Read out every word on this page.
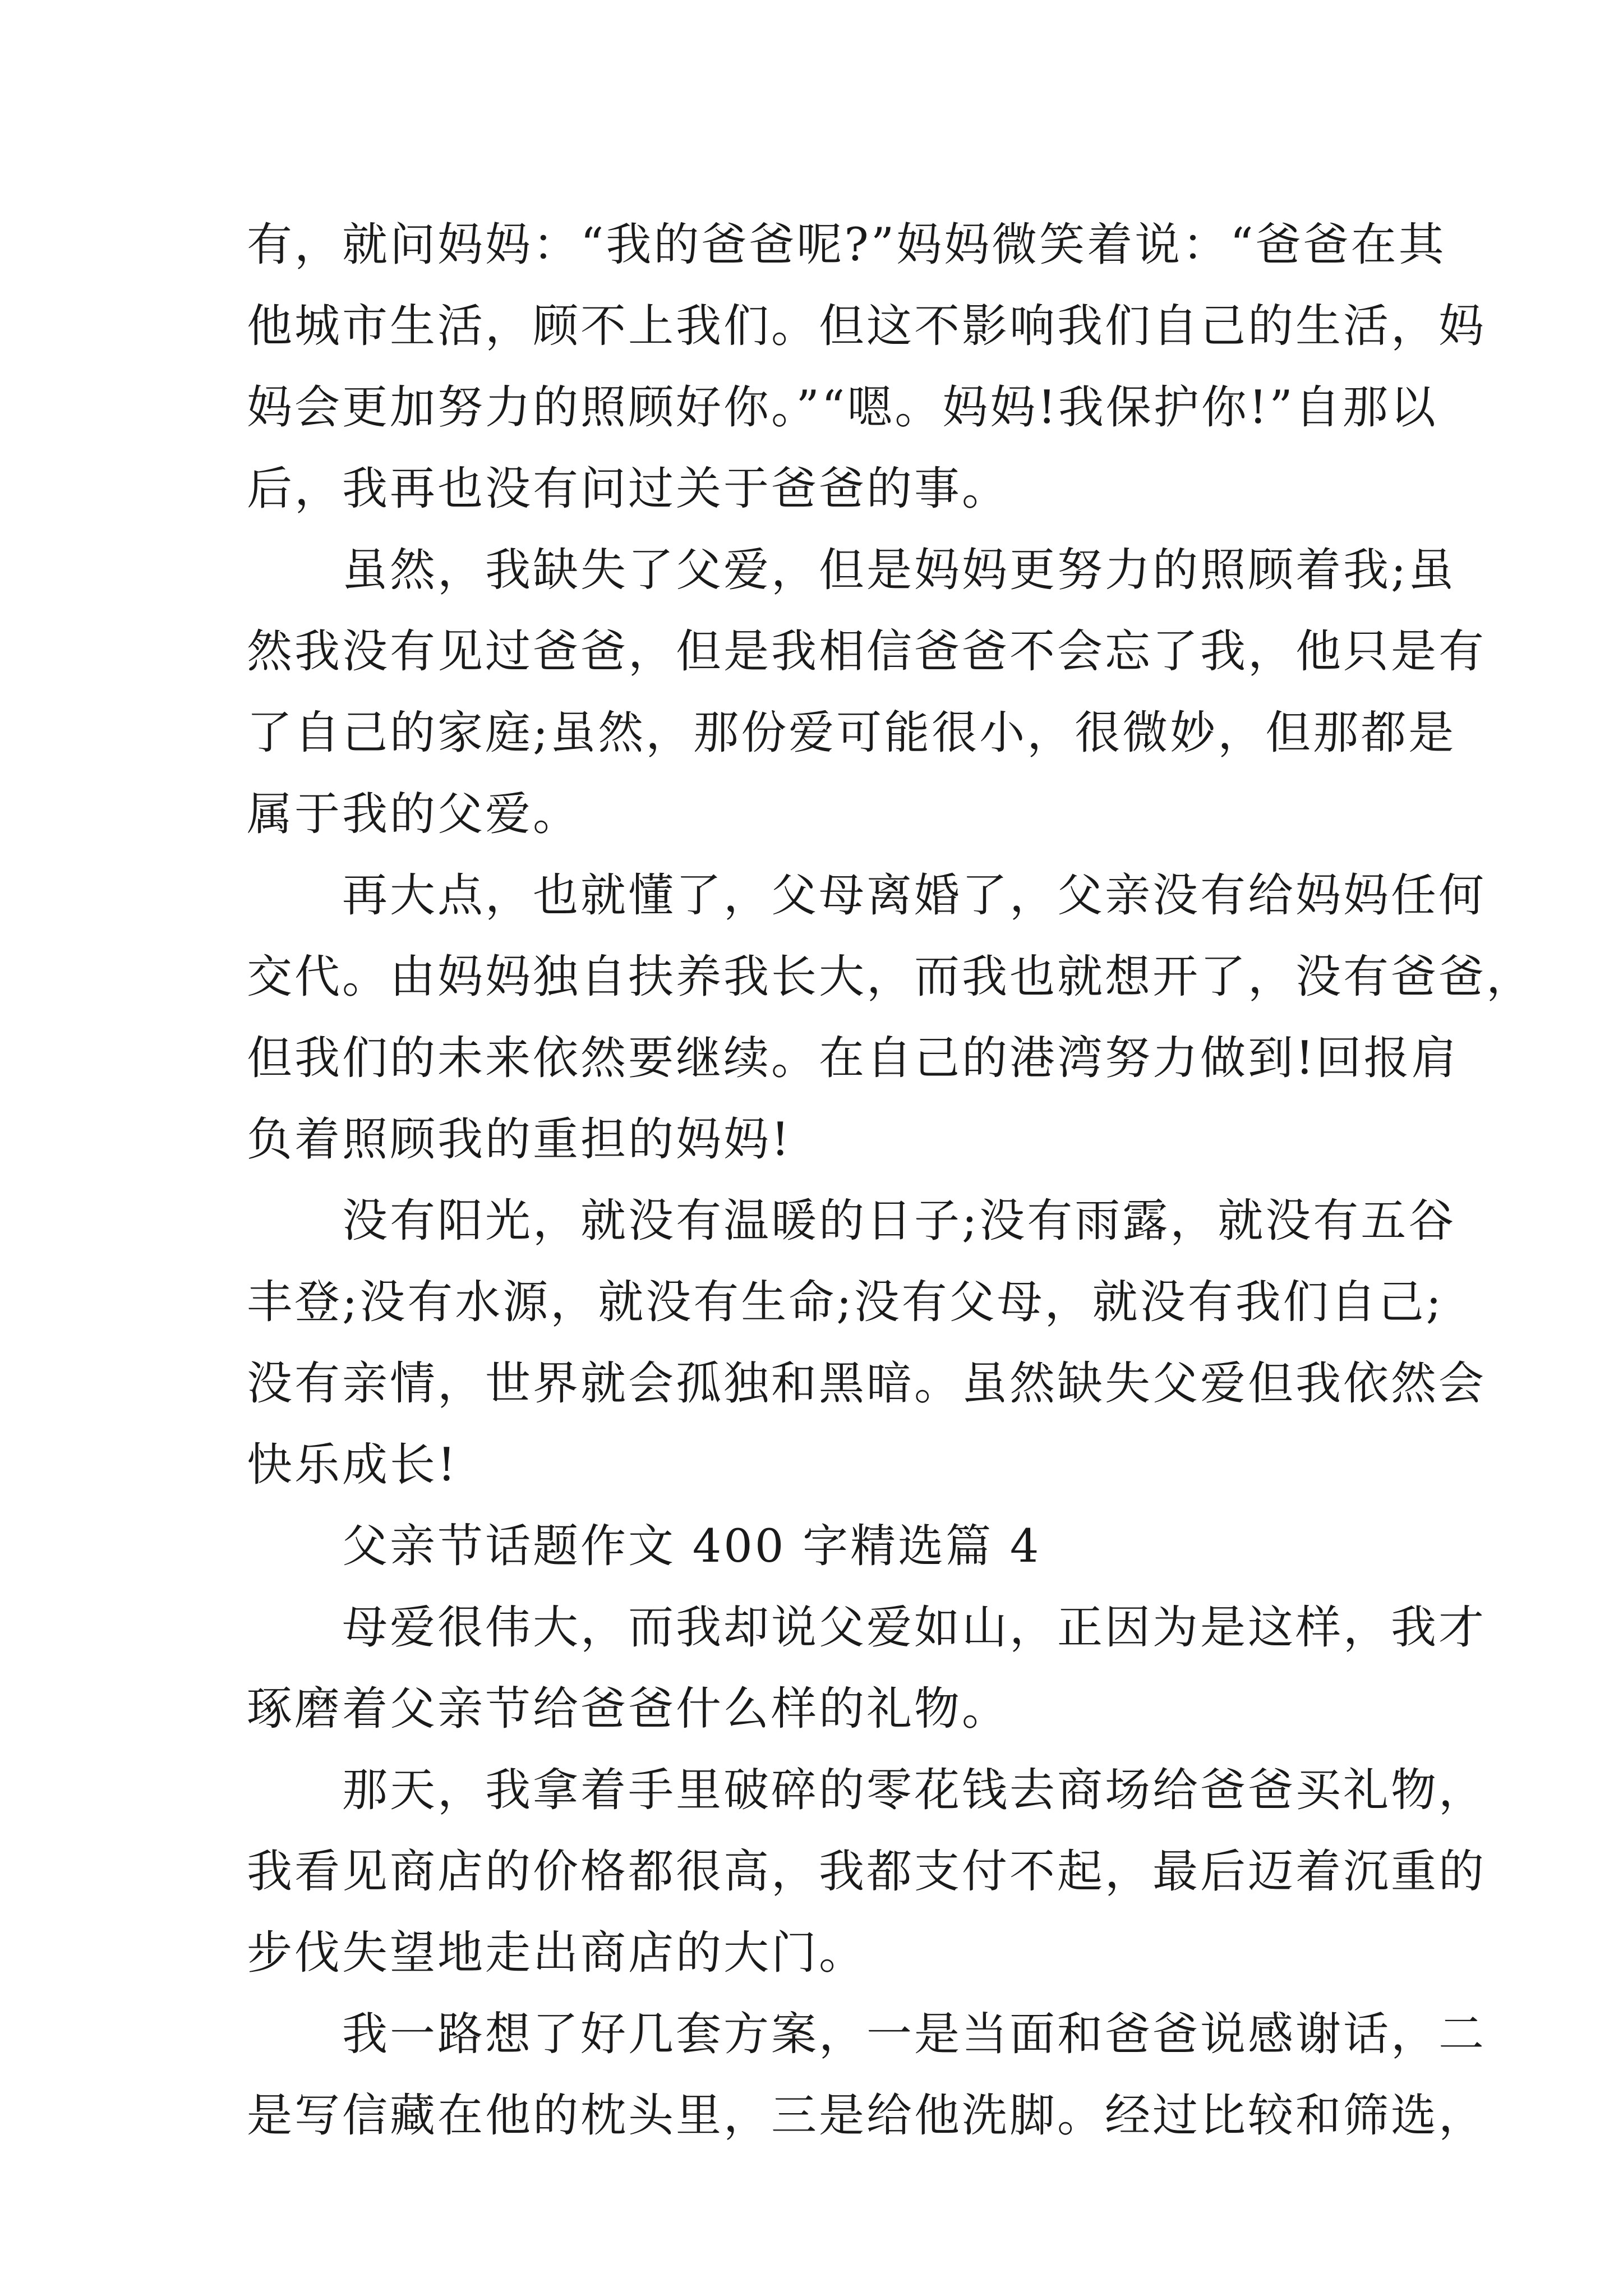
有，就问妈妈：“我的爸爸呢?”妈妈微笑着说：“爸爸在其
他城市生活，顾不上我们。但这不影响我们自己的生活，妈
妈会更加努力的照顾好你。”“嗯。妈妈!我保护你!”自那以
后，我再也没有问过关于爸爸的事。
虽然，我缺失了父爱，但是妈妈更努力的照顾着我;虽
然我没有见过爸爸，但是我相信爸爸不会忘了我，他只是有
了自己的家庭;虽然，那份爱可能很小，很微妙，但那都是
属于我的父爱。
再大点，也就懂了，父母离婚了，父亲没有给妈妈任何
交代。由妈妈独自扶养我长大，而我也就想开了，没有爸爸，
但我们的未来依然要继续。在自己的港湾努力做到!回报肩
负着照顾我的重担的妈妈!
没有阳光，就没有温暖的日子;没有雨露，就没有五谷
丰登;没有水源，就没有生命;没有父母，就没有我们自己;
没有亲情，世界就会孤独和黑暗。虽然缺失父爱但我依然会
快乐成长!
父亲节话题作文 400 字精选篇 4
母爱很伟大，而我却说父爱如山，正因为是这样，我才
琢磨着父亲节给爸爸什么样的礼物。
那天，我拿着手里破碎的零花钱去商场给爸爸买礼物，
我看见商店的价格都很高，我都支付不起，最后迈着沉重的
步伐失望地走出商店的大门。
我一路想了好几套方案，一是当面和爸爸说感谢话，二
是写信藏在他的枕头里，三是给他洗脚。经过比较和筛选，
